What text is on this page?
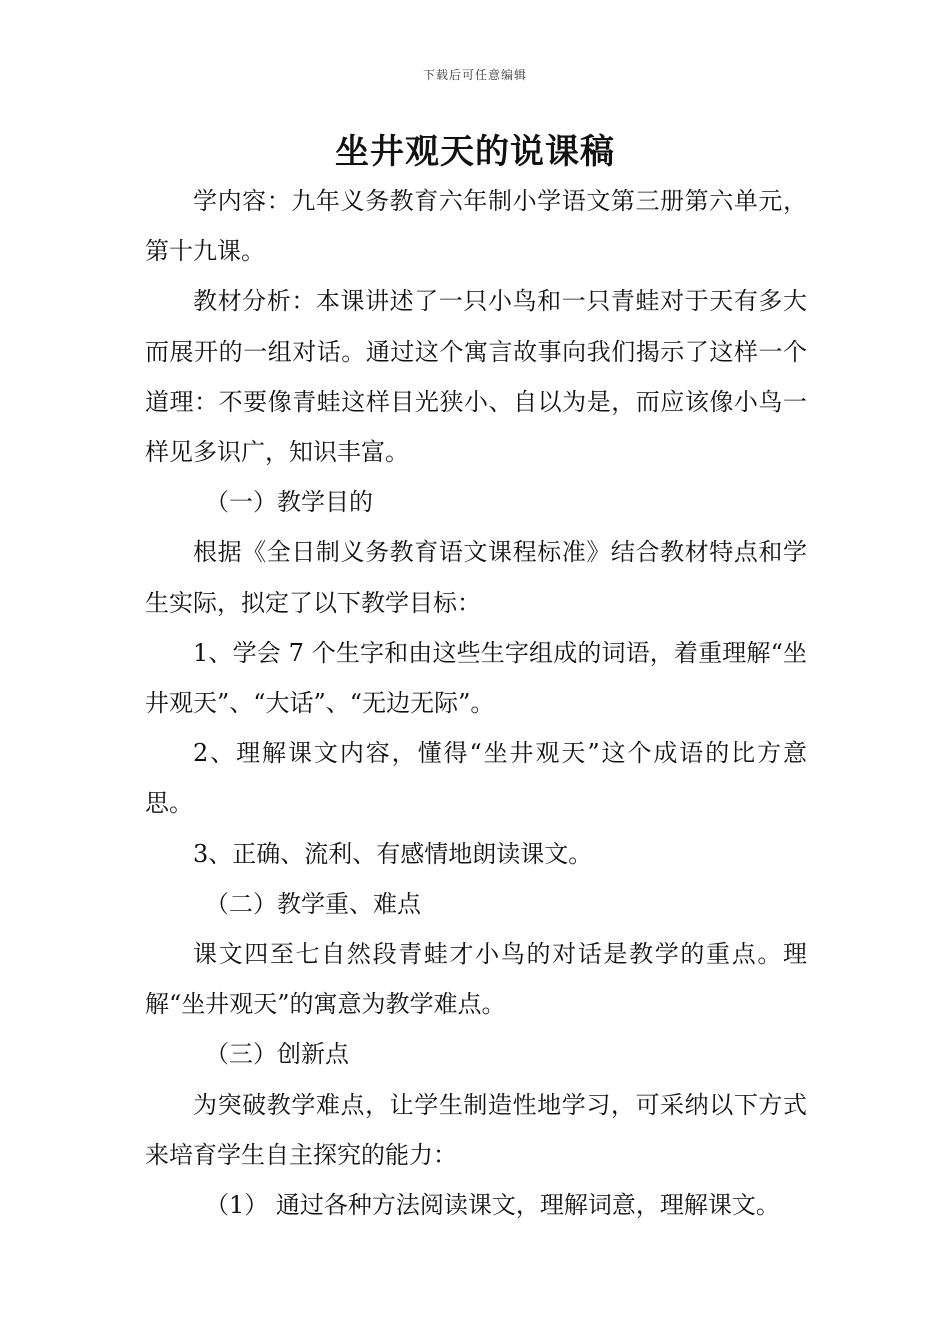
下载后可任意编辑
坐井观天的说课稿

学内容：九年义务教育六年制小学语文第三册第六单元，第十九课。

教材分析：本课讲述了一只小鸟和一只青蛙对于天有多大而展开的一组对话。通过这个寓言故事向我们揭示了这样一个道理：不要像青蛙这样目光狭小、自以为是，而应该像小鸟一样见多识广，知识丰富。

（一）教学目的

根据《全日制义务教育语文课程标准》结合教材特点和学生实际，拟定了以下教学目标：

1、学会 7 个生字和由这些生字组成的词语，着重理解“坐井观天”、“大话”、“无边无际”。

2、理解课文内容，懂得“坐井观天”这个成语的比方意思。

3、正确、流利、有感情地朗读课文。

（二）教学重、难点

课文四至七自然段青蛙才小鸟的对话是教学的重点。理解“坐井观天”的寓意为教学难点。

（三）创新点

为突破教学难点，让学生制造性地学习，可采纳以下方式来培育学生自主探究的能力：

（1） 通过各种方法阅读课文，理解词意，理解课文。
